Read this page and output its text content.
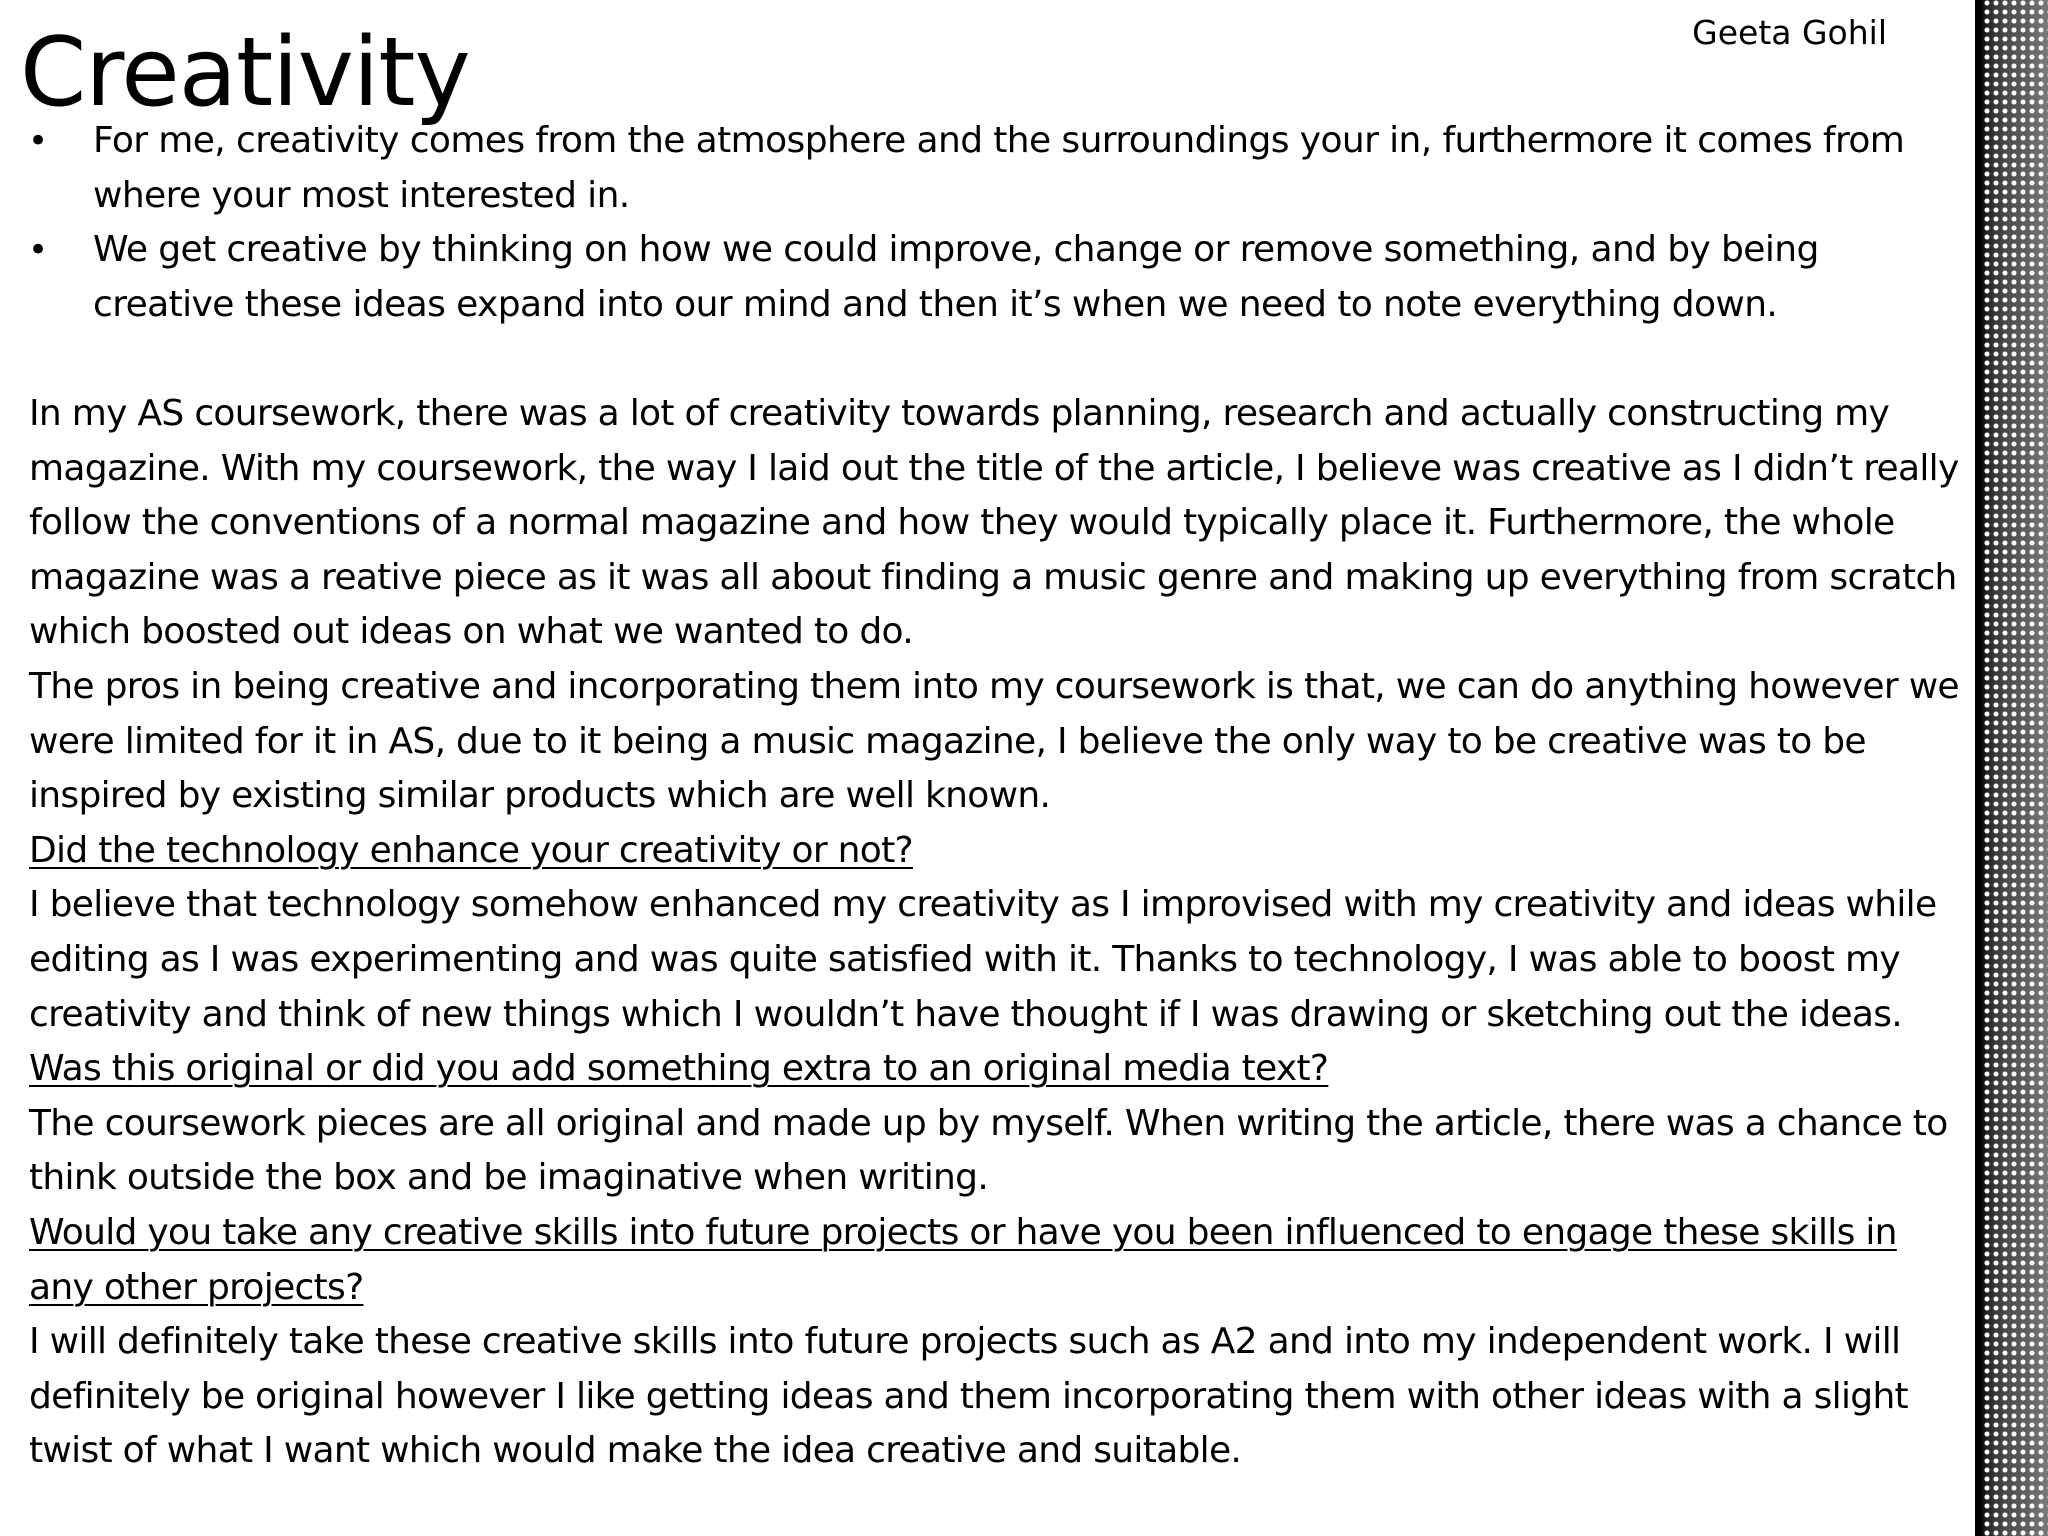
Geeta Gohil
Creativity
• For me, creativity comes from the atmosphere and the surroundings your in, furthermore it comes from where your most interested in.
• We get creative by thinking on how we could improve, change or remove something, and by being creative these ideas expand into our mind and then it’s when we need to note everything down.

In my AS coursework, there was a lot of creativity towards planning, research and actually constructing my magazine. With my coursework, the way I laid out the title of the article, I believe was creative as I didn’t really follow the conventions of a normal magazine and how they would typically place it. Furthermore, the whole magazine was a reative piece as it was all about finding a music genre and making up everything from scratch which boosted out ideas on what we wanted to do.

The pros in being creative and incorporating them into my coursework is that, we can do anything however we were limited for it in AS, due to it being a music magazine, I believe the only way to be creative was to be inspired by existing similar products which are well known.

Did the technology enhance your creativity or not?

I believe that technology somehow enhanced my creativity as I improvised with my creativity and ideas while editing as I was experimenting and was quite satisfied with it. Thanks to technology, I was able to boost my creativity and think of new things which I wouldn’t have thought if I was drawing or sketching out the ideas.

Was this original or did you add something extra to an original media text?

The coursework pieces are all original and made up by myself. When writing the article, there was a chance to think outside the box and be imaginative when writing.

Would you take any creative skills into future projects or have you been influenced to engage these skills in any other projects?

I will definitely take these creative skills into future projects such as A2 and into my independent work. I will definitely be original however I like getting ideas and them incorporating them with other ideas with a slight twist of what I want which would make the idea creative and suitable.
